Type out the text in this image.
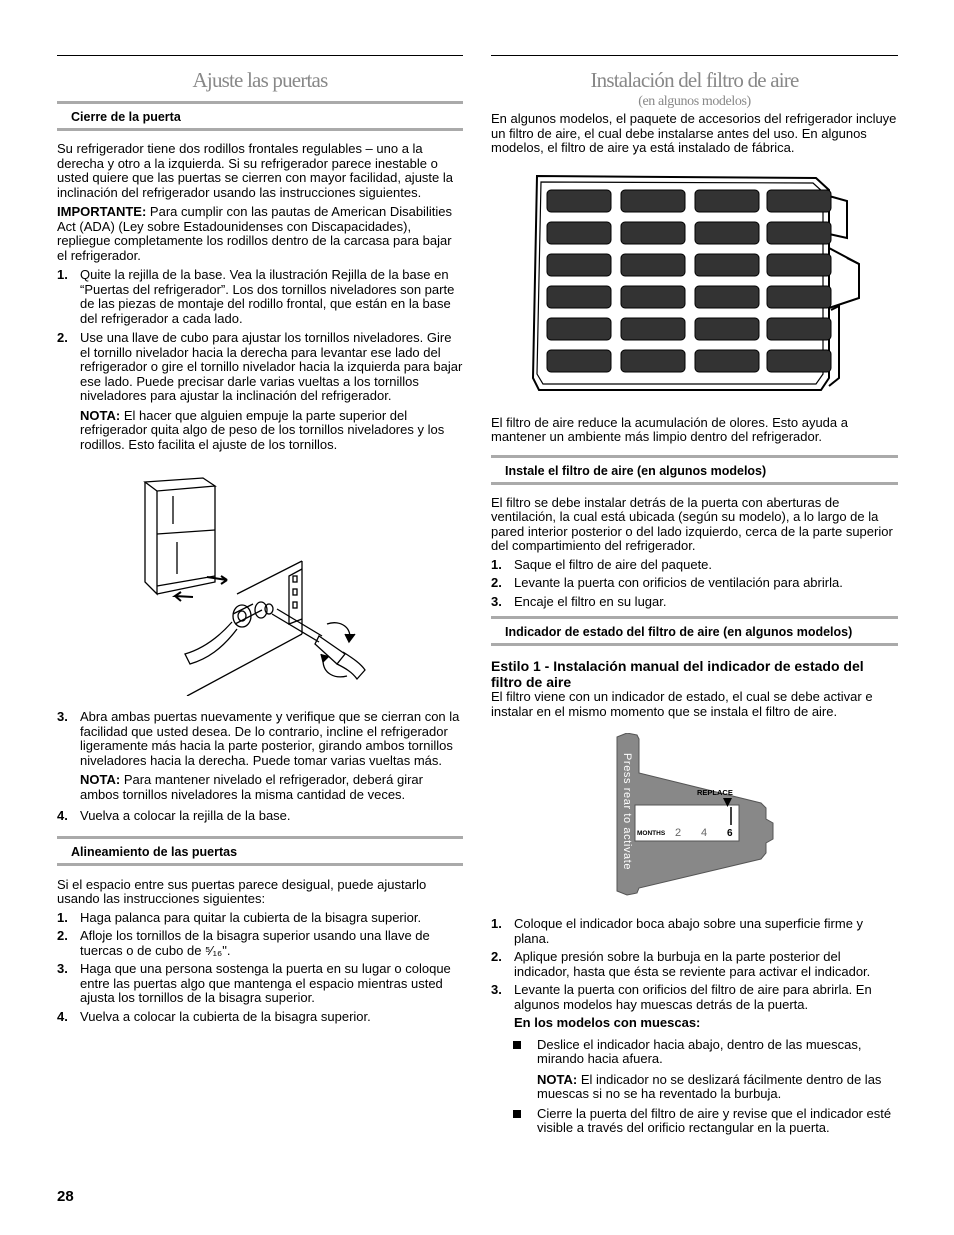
Ajuste las puertas
Cierre de la puerta

Su refrigerador tiene dos rodillos frontales regulables – uno a la derecha y otro a la izquierda. Si su refrigerador parece inestable o usted quiere que las puertas se cierren con mayor facilidad, ajuste la inclinación del refrigerador usando las instrucciones siguientes.

IMPORTANTE: Para cumplir con las pautas de American Disabilities Act (ADA) (Ley sobre Estadounidenses con Discapacidades), repliegue completamente los rodillos dentro de la carcasa para bajar el refrigerador.

1. Quite la rejilla de la base. Vea la ilustración Rejilla de la base en “Puertas del refrigerador”. Los dos tornillos niveladores son parte de las piezas de montaje del rodillo frontal, que están en la base del refrigerador a cada lado.
2. Use una llave de cubo para ajustar los tornillos niveladores. Gire el tornillo nivelador hacia la derecha para levantar ese lado del refrigerador o gire el tornillo nivelador hacia la izquierda para bajar ese lado. Puede precisar darle varias vueltas a los tornillos niveladores para ajustar la inclinación del refrigerador.

NOTA: El hacer que alguien empuje la parte superior del refrigerador quita algo de peso de los tornillos niveladores y los rodillos. Esto facilita el ajuste de los tornillos.

3. Abra ambas puertas nuevamente y verifique que se cierran con la facilidad que usted desea. De lo contrario, incline el refrigerador ligeramente más hacia la parte posterior, girando ambos tornillos niveladores hacia la derecha. Puede tomar varias vueltas más.

NOTA: Para mantener nivelado el refrigerador, deberá girar ambos tornillos niveladores la misma cantidad de veces.

4. Vuelva a colocar la rejilla de la base.
Alineamiento de las puertas

Si el espacio entre sus puertas parece desigual, puede ajustarlo usando las instrucciones siguientes:

1. Haga palanca para quitar la cubierta de la bisagra superior.
2. Afloje los tornillos de la bisagra superior usando una llave de tuercas o de cubo de ⁵⁄₁₆".
3. Haga que una persona sostenga la puerta en su lugar o coloque entre las puertas algo que mantenga el espacio mientras usted ajusta los tornillos de la bisagra superior.
4. Vuelva a colocar la cubierta de la bisagra superior.
Instalación del filtro de aire
(en algunos modelos)

En algunos modelos, el paquete de accesorios del refrigerador incluye un filtro de aire, el cual debe instalarse antes del uso. En algunos modelos, el filtro de aire ya está instalado de fábrica.

El filtro de aire reduce la acumulación de olores. Esto ayuda a mantener un ambiente más limpio dentro del refrigerador.

Instale el filtro de aire (en algunos modelos)

El filtro se debe instalar detrás de la puerta con aberturas de ventilación, la cual está ubicada (según su modelo), a lo largo de la pared interior posterior o del lado izquierdo, cerca de la parte superior del compartimiento del refrigerador.

1. Saque el filtro de aire del paquete.
2. Levante la puerta con orificios de ventilación para abrirla.
3. Encaje el filtro en su lugar.
Indicador de estado del filtro de aire (en algunos modelos)
Estilo 1 - Instalación manual del indicador de estado del filtro de aire

El filtro viene con un indicador de estado, el cual se debe activar e instalar en el mismo momento que se instala el filtro de aire.

Press rear to activate	REPLACE
MONTHS 2 4 6
1. Coloque el indicador boca abajo sobre una superficie firme y plana.
2. Aplique presión sobre la burbuja en la parte posterior del indicador, hasta que ésta se reviente para activar el indicador.
3. Levante la puerta con orificios del filtro de aire para abrirla. En algunos modelos hay muescas detrás de la puerta.

En los modelos con muescas:

Deslice el indicador hacia abajo, dentro de las muescas, mirando hacia afuera.

NOTA: El indicador no se deslizará fácilmente dentro de las muescas si no se ha reventado la burbuja.

Cierre la puerta del filtro de aire y revise que el indicador esté visible a través del orificio rectangular en la puerta.
28
